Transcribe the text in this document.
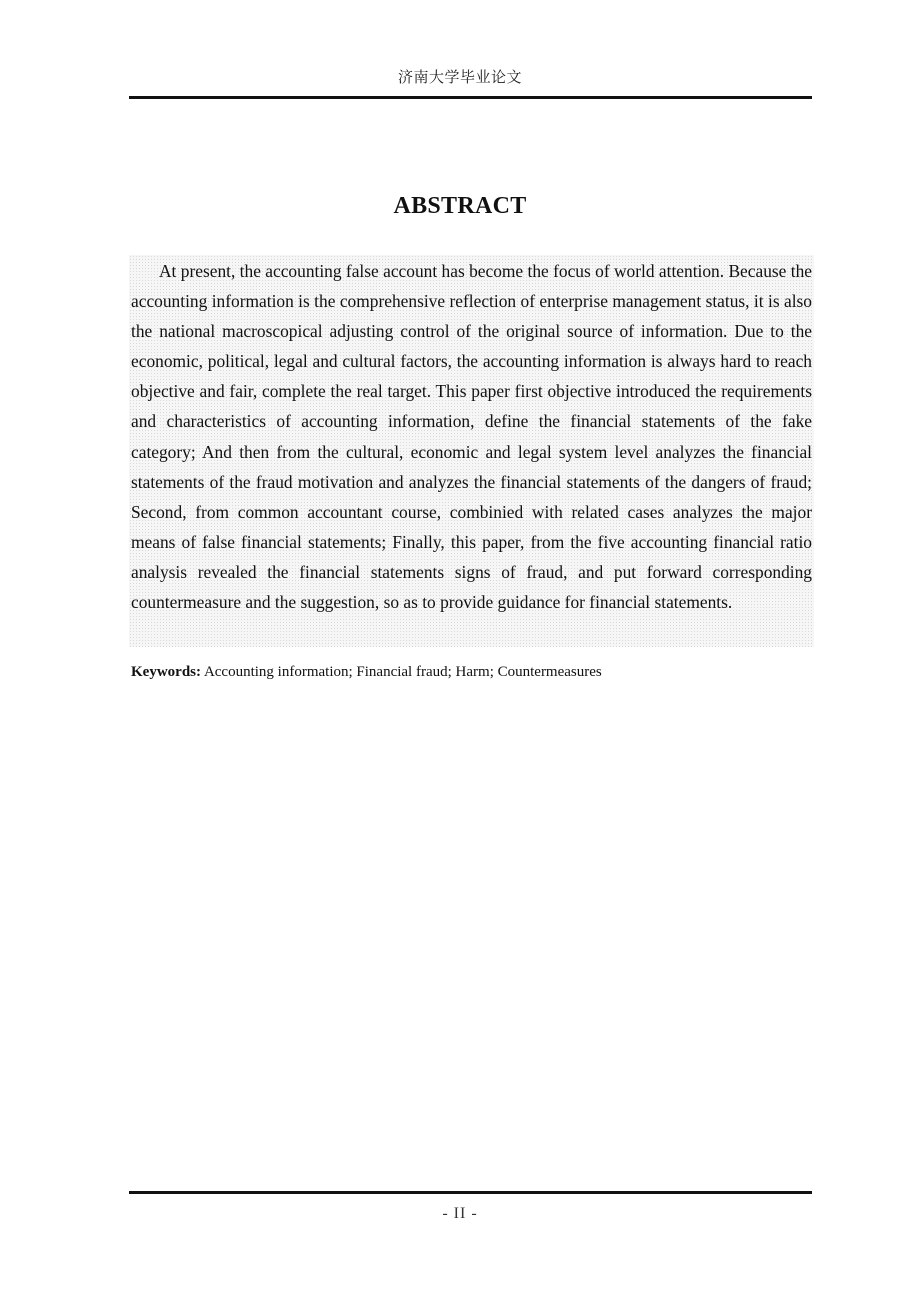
济南大学毕业论文
ABSTRACT

At present, the accounting false account has become the focus of world attention. Because the accounting information is the comprehensive reflection of enterprise management status, it is also the national macroscopical adjusting control of the original source of information. Due to the economic, political, legal and cultural factors, the accounting information is always hard to reach objective and fair, complete the real target. This paper first objective introduced the requirements and characteristics of accounting information, define the financial statements of the fake category; And then from the cultural, economic and legal system level analyzes the financial statements of the fraud motivation and analyzes the financial statements of the dangers of fraud; Second, from common accountant course, combinied with related cases analyzes the major means of false financial statements; Finally, this paper, from the five accounting financial ratio analysis revealed the financial statements signs of fraud, and put forward corresponding countermeasure and the suggestion, so as to provide guidance for financial statements.

Keywords: Accounting information; Financial fraud; Harm; Countermeasures
- II -
